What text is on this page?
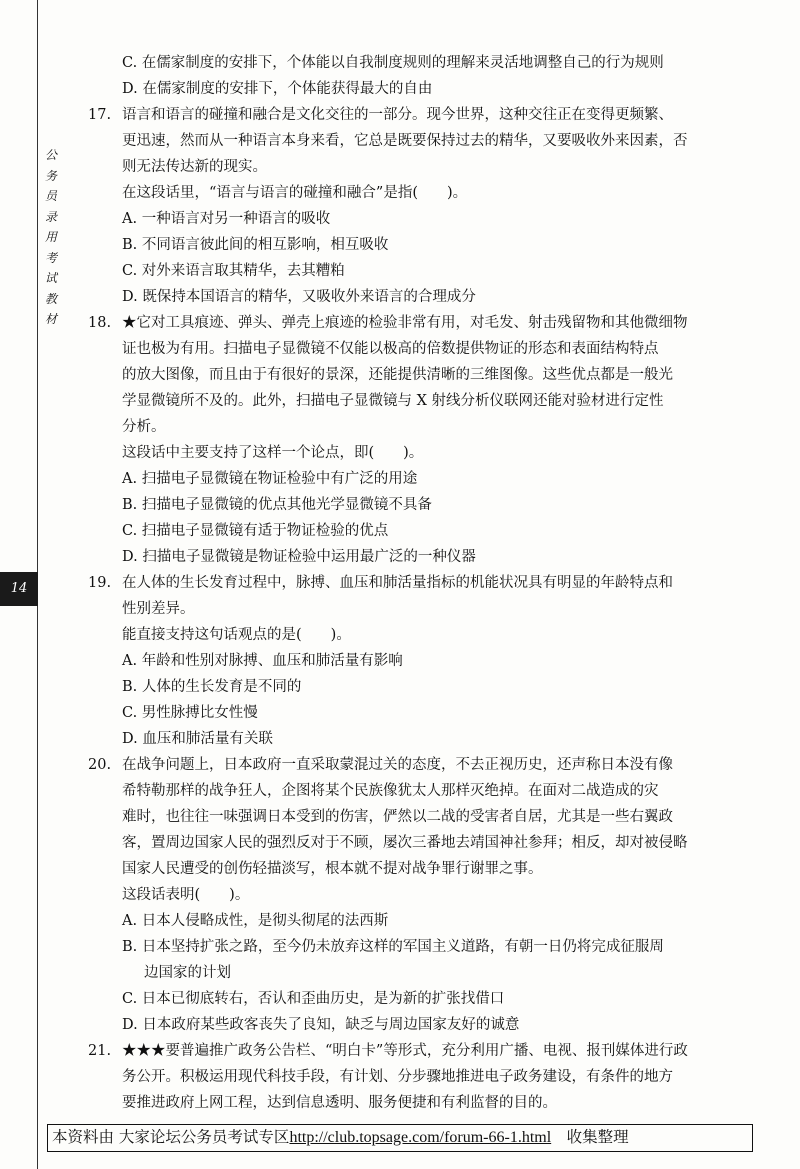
公
务
员
录
用
考
试
教
材
14
C. 在儒家制度的安排下，个体能以自我制度规则的理解来灵活地调整自己的行为规则
D. 在儒家制度的安排下，个体能获得最大的自由
17. 语言和语言的碰撞和融合是文化交往的一部分。现今世界，这种交往正在变得更频繁、
更迅速，然而从一种语言本身来看，它总是既要保持过去的精华，又要吸收外来因素，否
则无法传达新的现实。
在这段话里，“语言与语言的碰撞和融合”是指(　　)。
A. 一种语言对另一种语言的吸收
B. 不同语言彼此间的相互影响，相互吸收
C. 对外来语言取其精华，去其糟粕
D. 既保持本国语言的精华，又吸收外来语言的合理成分
18. ★它对工具痕迹、弹头、弹壳上痕迹的检验非常有用，对毛发、射击残留物和其他微细物
证也极为有用。扫描电子显微镜不仅能以极高的倍数提供物证的形态和表面结构特点
的放大图像，而且由于有很好的景深，还能提供清晰的三维图像。这些优点都是一般光
学显微镜所不及的。此外，扫描电子显微镜与 X 射线分析仪联网还能对验材进行定性
分析。
这段话中主要支持了这样一个论点，即(　　)。
A. 扫描电子显微镜在物证检验中有广泛的用途
B. 扫描电子显微镜的优点其他光学显微镜不具备
C. 扫描电子显微镜有适于物证检验的优点
D. 扫描电子显微镜是物证检验中运用最广泛的一种仪器
19. 在人体的生长发育过程中，脉搏、血压和肺活量指标的机能状况具有明显的年龄特点和
性别差异。
能直接支持这句话观点的是(　　)。
A. 年龄和性别对脉搏、血压和肺活量有影响
B. 人体的生长发育是不同的
C. 男性脉搏比女性慢
D. 血压和肺活量有关联
20. 在战争问题上，日本政府一直采取蒙混过关的态度，不去正视历史，还声称日本没有像
希特勒那样的战争狂人，企图将某个民族像犹太人那样灭绝掉。在面对二战造成的灾
难时，也往往一味强调日本受到的伤害，俨然以二战的受害者自居，尤其是一些右翼政
客，置周边国家人民的强烈反对于不顾，屡次三番地去靖国神社参拜；相反，却对被侵略
国家人民遭受的创伤轻描淡写，根本就不提对战争罪行谢罪之事。
这段话表明(　　)。
A. 日本人侵略成性，是彻头彻尾的法西斯
B. 日本坚持扩张之路，至今仍未放弃这样的军国主义道路，有朝一日仍将完成征服周
边国家的计划
C. 日本已彻底转右，否认和歪曲历史，是为新的扩张找借口
D. 日本政府某些政客丧失了良知，缺乏与周边国家友好的诚意
21. ★★★要普遍推广政务公告栏、“明白卡”等形式，充分利用广播、电视、报刊媒体进行政
务公开。积极运用现代科技手段，有计划、分步骤地推进电子政务建设，有条件的地方
要推进政府上网工程，达到信息透明、服务便捷和有利监督的目的。
本资料由 大家论坛公务员考试专区http://club.topsage.com/forum-66-1.html　收集整理
